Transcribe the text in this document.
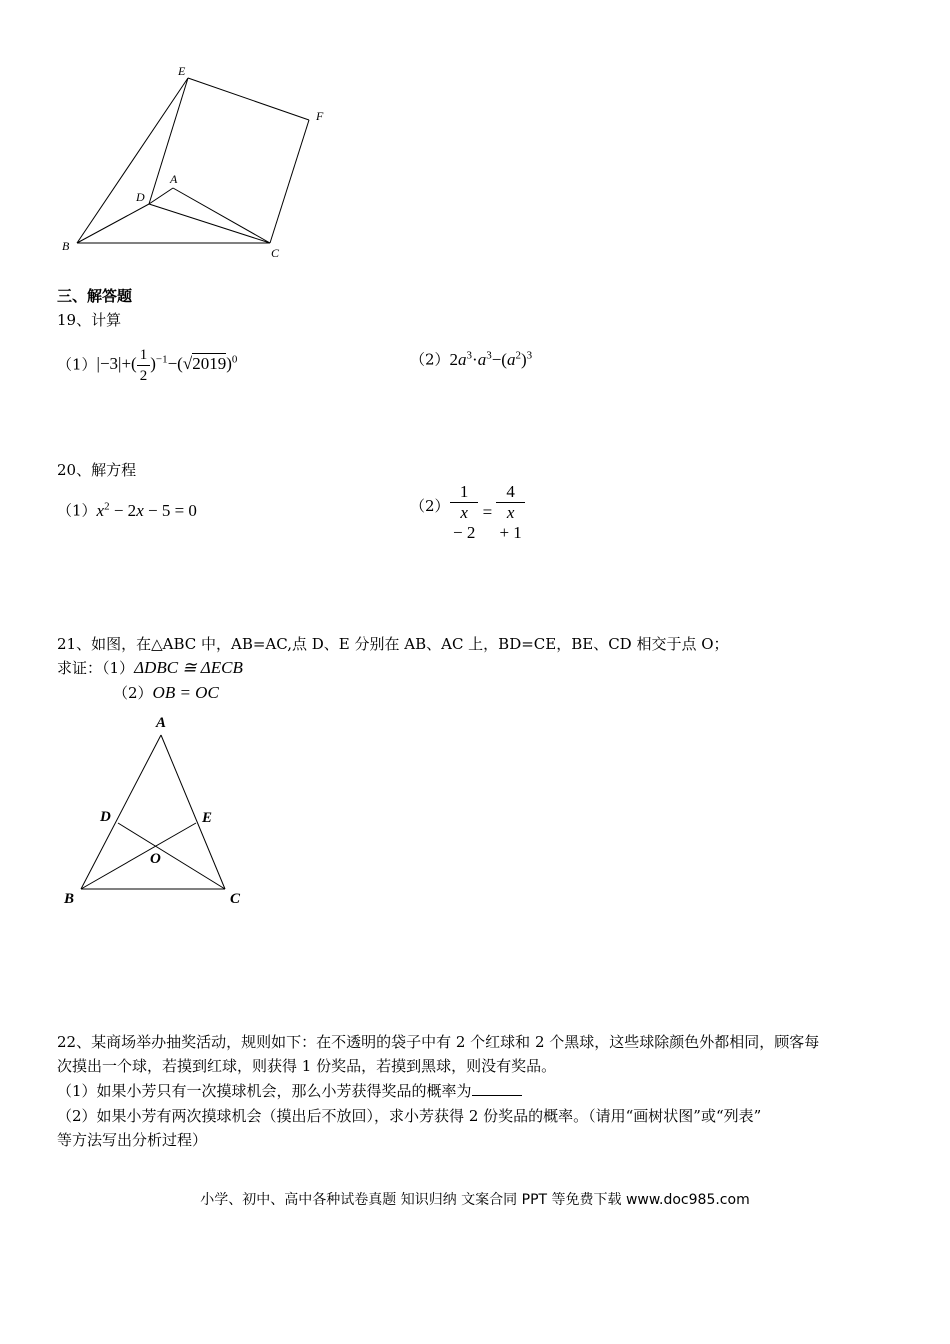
E
F
A
D
B	C
三、解答题
19、计算
$(1)|-3|+( \frac{1}{2} )^{-1}-(√2019)^0$	$(2)2a^3\cdot a^3-(a^2)^3$
20、解方程
$(1)x^2 - 2x - 5 = 0$	（2） 1
x
− 2 = 4
x
+ 1
21、如图，在△ABC 中，AB=AC,点 D、E 分别在 AB、AC 上，BD=CE，BE、CD 相交于点 O；
求证：（1）ΔDBC ≅ ΔECB
（2）OB = OC
A
D	E
O
B	C
22、某商场举办抽奖活动，规则如下：在不透明的袋子中有 2 个红球和 2 个黑球，这些球除颜色外都相同，顾客每
次摸出一个球，若摸到红球，则获得 1 份奖品，若摸到黑球，则没有奖品。
（1）如果小芳只有一次摸球机会，那么小芳获得奖品的概率为
（2）如果小芳有两次摸球机会（摸出后不放回），求小芳获得 2 份奖品的概率。（请用“画树状图”或“列表”
等方法写出分析过程）
小学、初中、高中各种试卷真题 知识归纳 文案合同 PPT 等免费下载 www.doc985.com
